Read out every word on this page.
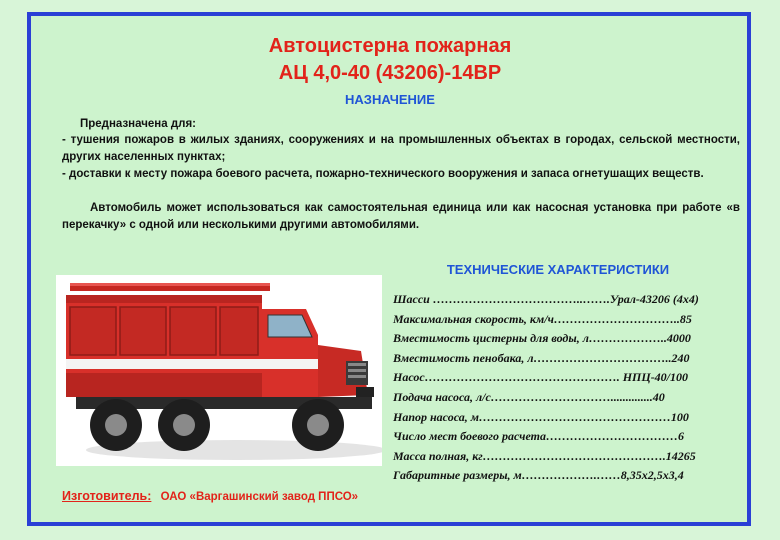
Автоцистерна пожарная
АЦ 4,0-40 (43206)-14ВР
НАЗНАЧЕНИЕ
Предназначена для:
- тушения пожаров в жилых зданиях, сооружениях и на промышленных объектах в городах, сельской местности, других населенных пунктах;
- доставки к месту пожара боевого расчета, пожарно-технического вооружения и запаса огнетушащих веществ.
Автомобиль может использоваться как самостоятельная единица или как насосная установка при работе «в перекачку» с одной или несколькими другими автомобилями.
ТЕХНИЧЕСКИЕ ХАРАКТЕРИСТИКИ
Шасси ………………………………..…….Урал-43206 (4х4)
Максимальная скорость, км/ч…………………………..85
Вместимость цистерны для воды, л………………..4000
Вместимость пенобака, л……………………………..240
Насос…………………………………………. НПЦ-40/100
Подача насоса, л/с…………………………..............40
Напор насоса, м…………………………………………100
Число мест боевого расчета……………………………6
Масса полная, кг……………………………………….14265
Габаритные размеры, м……………….……8,35х2,5х3,4
Изготовитель: ОАО «Варгашинский завод ППСО»
